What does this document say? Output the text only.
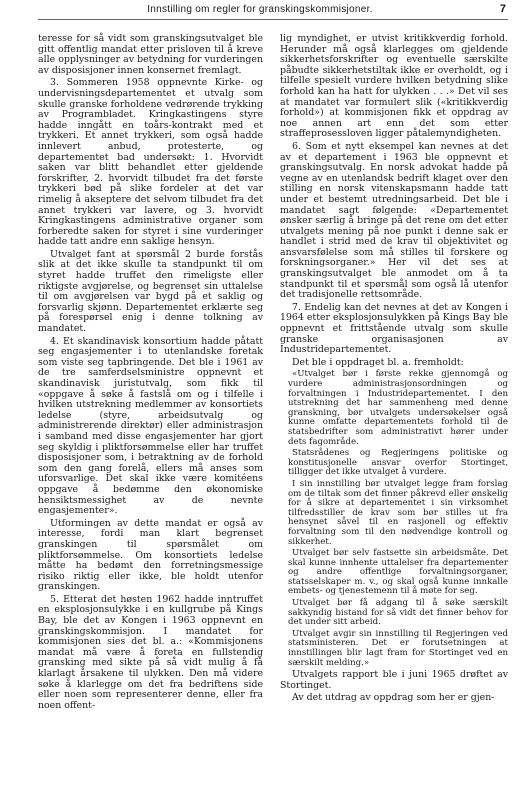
Innstilling om regler for granskingskommisjoner.	7

teresse for så vidt som granskingsutvalget ble gitt offentlig mandat etter prisloven til å kreve alle opplysninger av betydning for vurderingen av disposisjoner innen konsernet fremlagt.

3. Sommeren 1958 oppnevnte Kirke- og undervisningsdepartementet et utvalg som skulle granske forholdene vedrørende trykking av Programbladet. Kringkastingens styre hadde inngått en toårs-kontrakt med et trykkeri. Et annet trykkeri, som også hadde innlevert anbud, protesterte, og departementet bad undersøkt: 1. Hvorvidt saken var blitt behandlet etter gjeldende forskrifter, 2. hvorvidt tilbudet fra det første trykkeri bød på slike fordeler at det var rimelig å akseptere det selvom tilbudet fra det annet trykkeri var lavere, og 3. hvorvidt Kringkastingens administrative organer som forberedte saken for styret i sine vurderinger hadde tatt andre enn saklige hensyn.

Utvalget fant at spørsmål 2 burde forstås slik at det ikke skulle ta standpunkt til om styret hadde truffet den rimeligste eller riktigste avgjørelse, og begrenset sin uttalelse til om avgjørelsen var bygd på et saklig og forsvarlig skjønn. Departementet erklærte seg på forespørsel enig i denne tolkning av mandatet.

4. Et skandinavisk konsortium hadde påtatt seg engasjementer i to utenlandske foretak som viste seg tapbringende. Det ble i 1961 av de tre samferdselsministre oppnevnt et skandinavisk juristutvalg, som fikk til «oppgave å søke å fastslå om og i tilfelle i hvilken utstrekning medlemmer av konsortiets ledelse (styre, arbeidsutvalg og administrerende direktør) eller administrasjon i samband med disse engasjementer har gjort seg skyldig i pliktforsømmelse eller har truffet disposisjoner som, i betraktning av de forhold som den gang forelå, ellers må anses som uforsvarlige. Det skal ikke være komitéens oppgave å bedømme den økonomiske hensiktsmessighet av de nevnte engasjementer».

Utformingen av dette mandat er også av interesse, fordi man klart begrenset granskingen til spørsmålet om pliktforsømmelse. Om konsortiets ledelse måtte ha bedømt den forretningsmessige risiko riktig eller ikke, ble holdt utenfor granskingen.

5. Etterat det høsten 1962 hadde inntruffet en eksplosjonsulykke i en kullgrube på Kings Bay, ble det av Kongen i 1963 oppnevnt en granskingskommisjon. I mandatet for kommisjonen sies det bl. a.: «Kommisjonens mandat må være å foreta en fullstendig gransking med sikte på så vidt mulig å få klarlagt årsakene til ulykken. Den må videre søke å klarlegge om det fra bedriftens side eller noen som representerer denne, eller fra noen offent-

lig myndighet, er utvist kritikkverdig forhold. Herunder må også klarlegges om gjeldende sikkerhetsforskrifter og eventuelle særskilte påbudte sikkerhetstiltak ikke er overholdt, og i tilfelle spesielt vurdere hvilken betydning slike forhold kan ha hatt for ulykken . . .» Det vil ses at mandatet var formulert slik («kritikkverdig forhold») at kommisjonen fikk et oppdrag av noe annen art enn det som etter straffeprosessloven ligger påtalemyndigheten.

6. Som et nytt eksempel kan nevnes at det av et departement i 1963 ble oppnevnt et granskingsutvalg. En norsk advokat hadde på vegne av en utenlandsk bedrift klaget over den stilling en norsk vitenskapsmann hadde tatt under et bestemt utredningsarbeid. Det ble i mandatet sagt følgende: «Departementet ønsker særlig å bringe på det rene om det etter utvalgets mening på noe punkt i denne sak er handlet i strid med de krav til objektivitet og ansvarsfølelse som må stilles til forskere og forskningsorganer.» Her vil det ses at granskingsutvalget ble anmodet om å ta standpunkt til et spørsmål som også lå utenfor det tradisjonelle rettsområde.

7. Endelig kan det nevnes at det av Kongen i 1964 etter eksplosjonsulykken på Kings Bay ble oppnevnt et frittstående utvalg som skulle granske organisasjonen av Industridepartementet.

Det ble i oppdraget bl. a. fremholdt:

«Utvalget bør i første rekke gjennomgå og vurdere administrasjonsordningen og forvaltningen i Industridepartementet. I den utstrekning det har sammenheng med denne granskning, bør utvalgets undersøkelser også kunne omfatte departementets forhold til de statsbedrifter som administrativt hører under dets fagområde.

Statsrådenes og Regjeringens politiske og konstitusjonelle ansvar overfor Stortinget, tilligger det ikke utvalget å vurdere.

I sin innstilling bør utvalget legge fram forslag om de tiltak som det finner påkrevd eller ønskelig for å sikre at departementet i sin virksomhet tilfredsstiller de krav som bør stilles ut fra hensynet såvel til en rasjonell og effektiv forvaltning som til den nødvendige kontroll og sikkerhet.

Utvalget bør selv fastsette sin arbeidsmåte. Det skal kunne innhente uttalelser fra departementer og andre offentlige forvaltningsorganer, statsselskaper m. v., og skal også kunne innkalle embets- og tjenestemenn til å møte for seg.

Utvalget bør få adgang til å søke særskilt sakkyndig bistand for så vidt det finner behov for det under sitt arbeid.

Utvalget avgir sin innstilling til Regjeringen ved statsministeren. Det er forutsetningen at innstillingen blir lagt fram for Stortinget ved en særskilt melding.»

Utvalgets rapport ble i juni 1965 drøftet av Stortinget.

Av det utdrag av oppdrag som her er gjen-
